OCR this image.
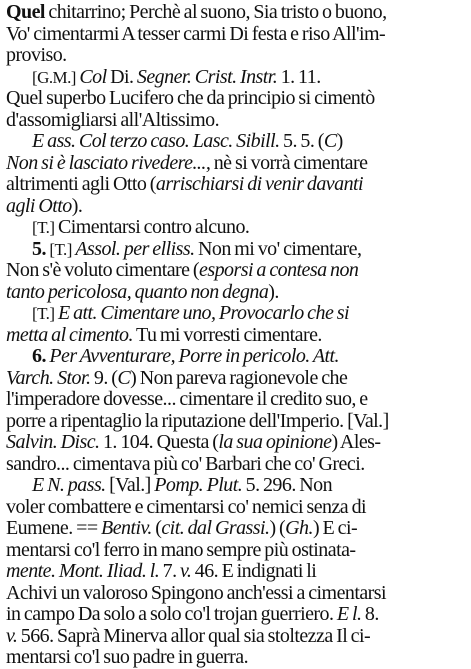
Quel chitarrino; Perchè al suono, Sia tristo o buono,
Vo' cimentarmi A tesser carmi Di festa e riso All'im-
proviso.
[G.M.] Col Di. Segner. Crist. Instr. 1. 11.
Quel superbo Lucifero che da principio si cimentò
d'assomigliarsi all'Altissimo.
E ass. Col terzo caso. Lasc. Sibill. 5. 5. (C)
Non si è lasciato rivedere..., nè si vorrà cimentare
altrimenti agli Otto (arrischiarsi di venir davanti
agli Otto).
[T.] Cimentarsi contro alcuno.
5. [T.] Assol. per elliss. Non mi vo' cimentare,
Non s'è voluto cimentare (esporsi a contesa non
tanto pericolosa, quanto non degna).
[T.] E att. Cimentare uno, Provocarlo che si
metta al cimento. Tu mi vorresti cimentare.
6. Per Avventurare, Porre in pericolo. Att.
Varch. Stor. 9. (C) Non pareva ragionevole che
l'imperadore dovesse... cimentare il credito suo, e
porre a ripentaglio la riputazione dell'Imperio. [Val.]
Salvin. Disc. 1. 104. Questa (la sua opinione) Ales-
sandro... cimentava più co' Barbari che co' Greci.
E N. pass. [Val.] Pomp. Plut. 5. 296. Non
voler combattere e cimentarsi co' nemici senza di
Eumene. == Bentiv. (cit. dal Grassi.) (Gh.) E ci-
mentarsi co'l ferro in mano sempre più ostinata-
mente. Mont. Iliad. l. 7. v. 46. E indignati li
Achivi un valoroso Spingono anch'essi a cimentarsi
in campo Da solo a solo co'l trojan guerriero. E l. 8.
v. 566. Saprà Minerva allor qual sia stoltezza Il ci-
mentarsi co'l suo padre in guerra.
